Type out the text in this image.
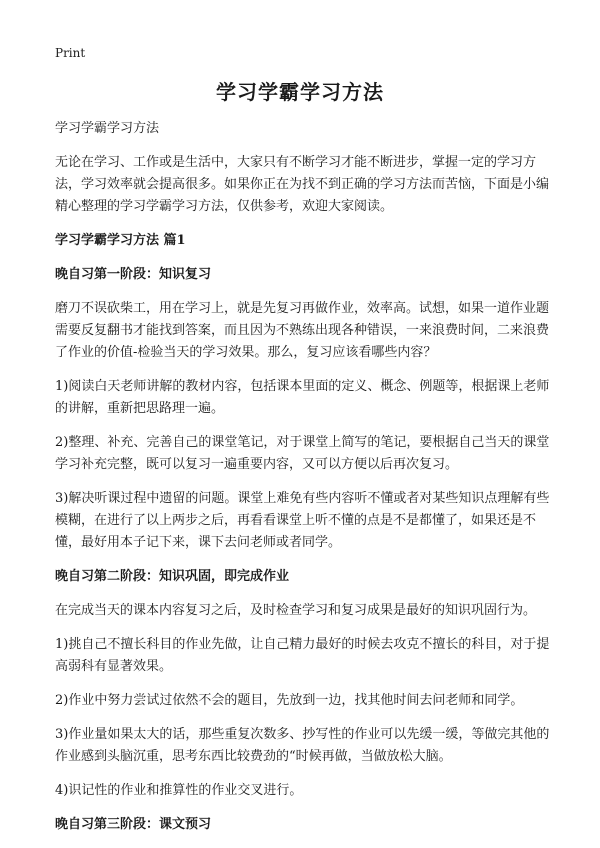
Print
学习学霸学习方法

学习学霸学习方法

无论在学习、工作或是生活中，大家只有不断学习才能不断进步，掌握一定的学习方法，学习效率就会提高很多。如果你正在为找不到正确的学习方法而苦恼，下面是小编精心整理的学习学霸学习方法，仅供参考，欢迎大家阅读。

学习学霸学习方法 篇1
晚自习第一阶段：知识复习

磨刀不误砍柴工，用在学习上，就是先复习再做作业，效率高。试想，如果一道作业题需要反复翻书才能找到答案，而且因为不熟练出现各种错误，一来浪费时间，二来浪费了作业的价值-检验当天的学习效果。那么，复习应该看哪些内容？

1)阅读白天老师讲解的教材内容，包括课本里面的定义、概念、例题等，根据课上老师的讲解，重新把思路理一遍。

2)整理、补充、完善自己的课堂笔记，对于课堂上简写的笔记，要根据自己当天的课堂学习补充完整，既可以复习一遍重要内容，又可以方便以后再次复习。

3)解决听课过程中遗留的问题。课堂上难免有些内容听不懂或者对某些知识点理解有些模糊，在进行了以上两步之后，再看看课堂上听不懂的点是不是都懂了，如果还是不懂，最好用本子记下来，课下去问老师或者同学。

晚自习第二阶段：知识巩固，即完成作业

在完成当天的课本内容复习之后，及时检查学习和复习成果是最好的知识巩固行为。

1)挑自己不擅长科目的作业先做，让自己精力最好的时候去攻克不擅长的科目，对于提高弱科有显著效果。

2)作业中努力尝试过依然不会的题目，先放到一边，找其他时间去问老师和同学。

3)作业量如果太大的话，那些重复次数多、抄写性的作业可以先缓一缓，等做完其他的作业感到头脑沉重，思考东西比较费劲的“时候再做，当做放松大脑。

4)识记性的作业和推算性的作业交叉进行。

晚自习第三阶段：课文预习
